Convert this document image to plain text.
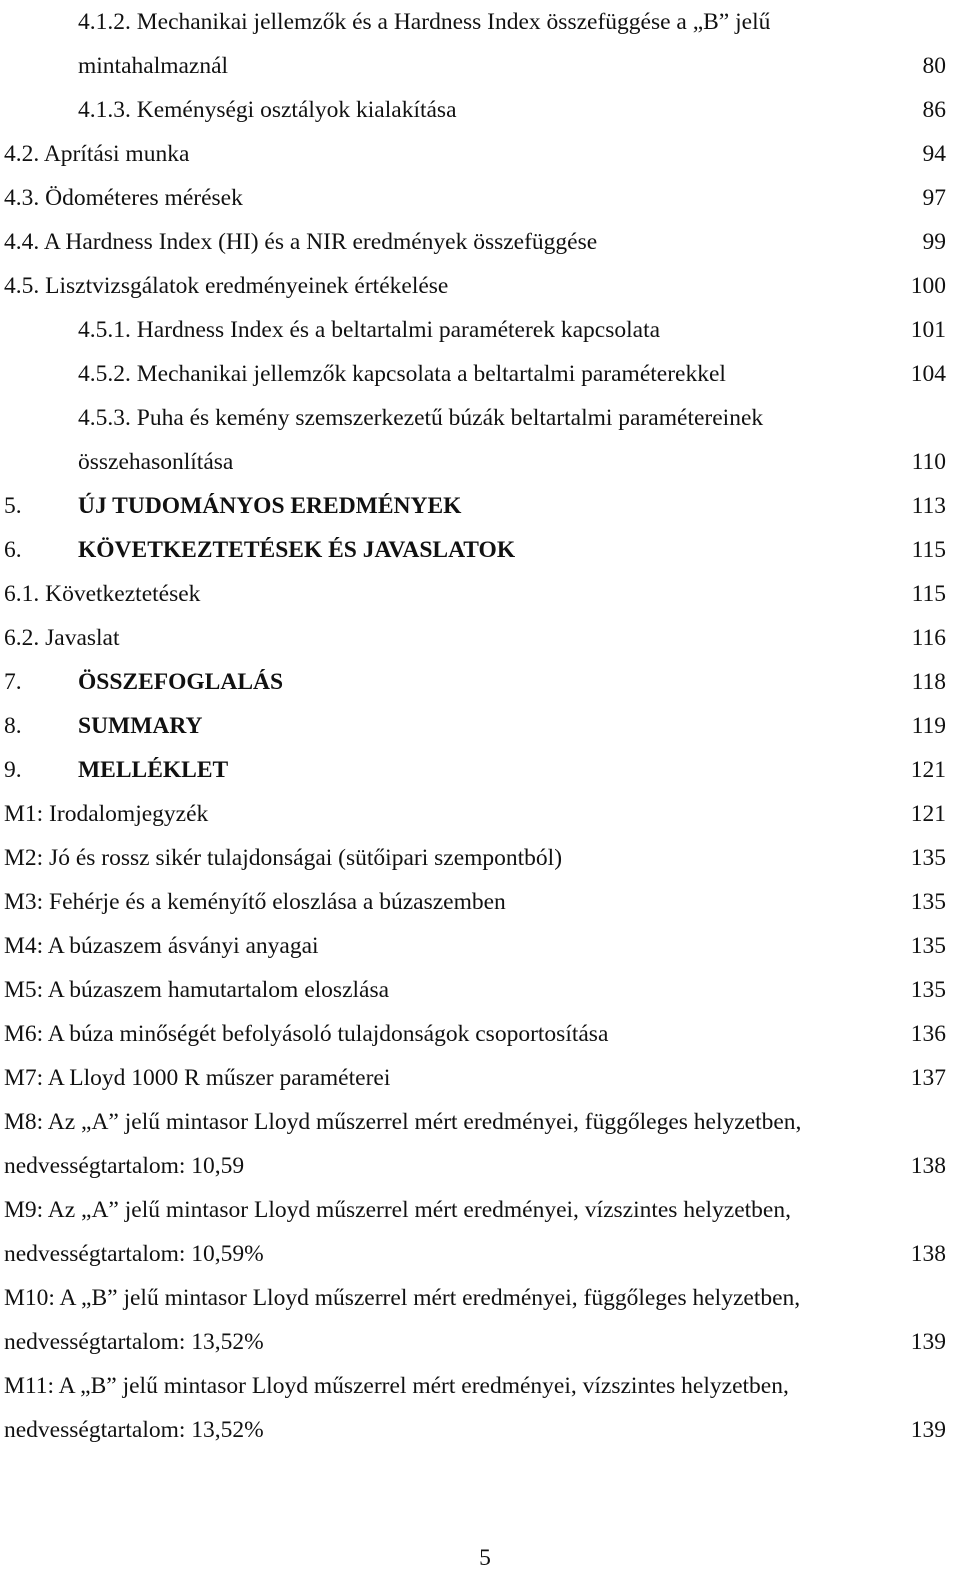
4.1.2. Mechanikai jellemzők és a Hardness Index összefüggése a „B” jelű
mintahalmaznál	80
4.1.3. Keménységi osztályok kialakítása	86
4.2. Aprítási munka	94
4.3. Ödométeres mérések	97
4.4. A Hardness Index (HI) és a NIR eredmények összefüggése	99
4.5. Lisztvizsgálatok eredményeinek értékelése	100
4.5.1. Hardness Index és a beltartalmi paraméterek kapcsolata	101
4.5.2. Mechanikai jellemzők kapcsolata a beltartalmi paraméterekkel	104
4.5.3. Puha és kemény szemszerkezetű búzák beltartalmi paramétereinek
összehasonlítása	110
5. ÚJ TUDOMÁNYOS EREDMÉNYEK	113
6. KÖVETKEZTETÉSEK ÉS JAVASLATOK	115
6.1. Következtetések	115
6.2. Javaslat	116
7. ÖSSZEFOGLALÁS	118
8. SUMMARY	119
9. MELLÉKLET	121
M1: Irodalomjegyzék	121
M2: Jó és rossz sikér tulajdonságai (sütőipari szempontból)	135
M3: Fehérje és a keményítő eloszlása a búzaszemben	135
M4: A búzaszem ásványi anyagai	135
M5: A búzaszem hamutartalom eloszlása	135
M6: A búza minőségét befolyásoló tulajdonságok csoportosítása	136
M7: A Lloyd 1000 R műszer paraméterei	137
M8: Az „A” jelű mintasor Lloyd műszerrel mért eredményei, függőleges helyzetben,
nedvességtartalom: 10,59	138
M9: Az „A” jelű mintasor Lloyd műszerrel mért eredményei, vízszintes helyzetben,
nedvességtartalom: 10,59%	138
M10: A „B” jelű mintasor Lloyd műszerrel mért eredményei, függőleges helyzetben,
nedvességtartalom: 13,52%	139
M11: A „B” jelű mintasor Lloyd műszerrel mért eredményei, vízszintes helyzetben,
nedvességtartalom: 13,52%	139
5
